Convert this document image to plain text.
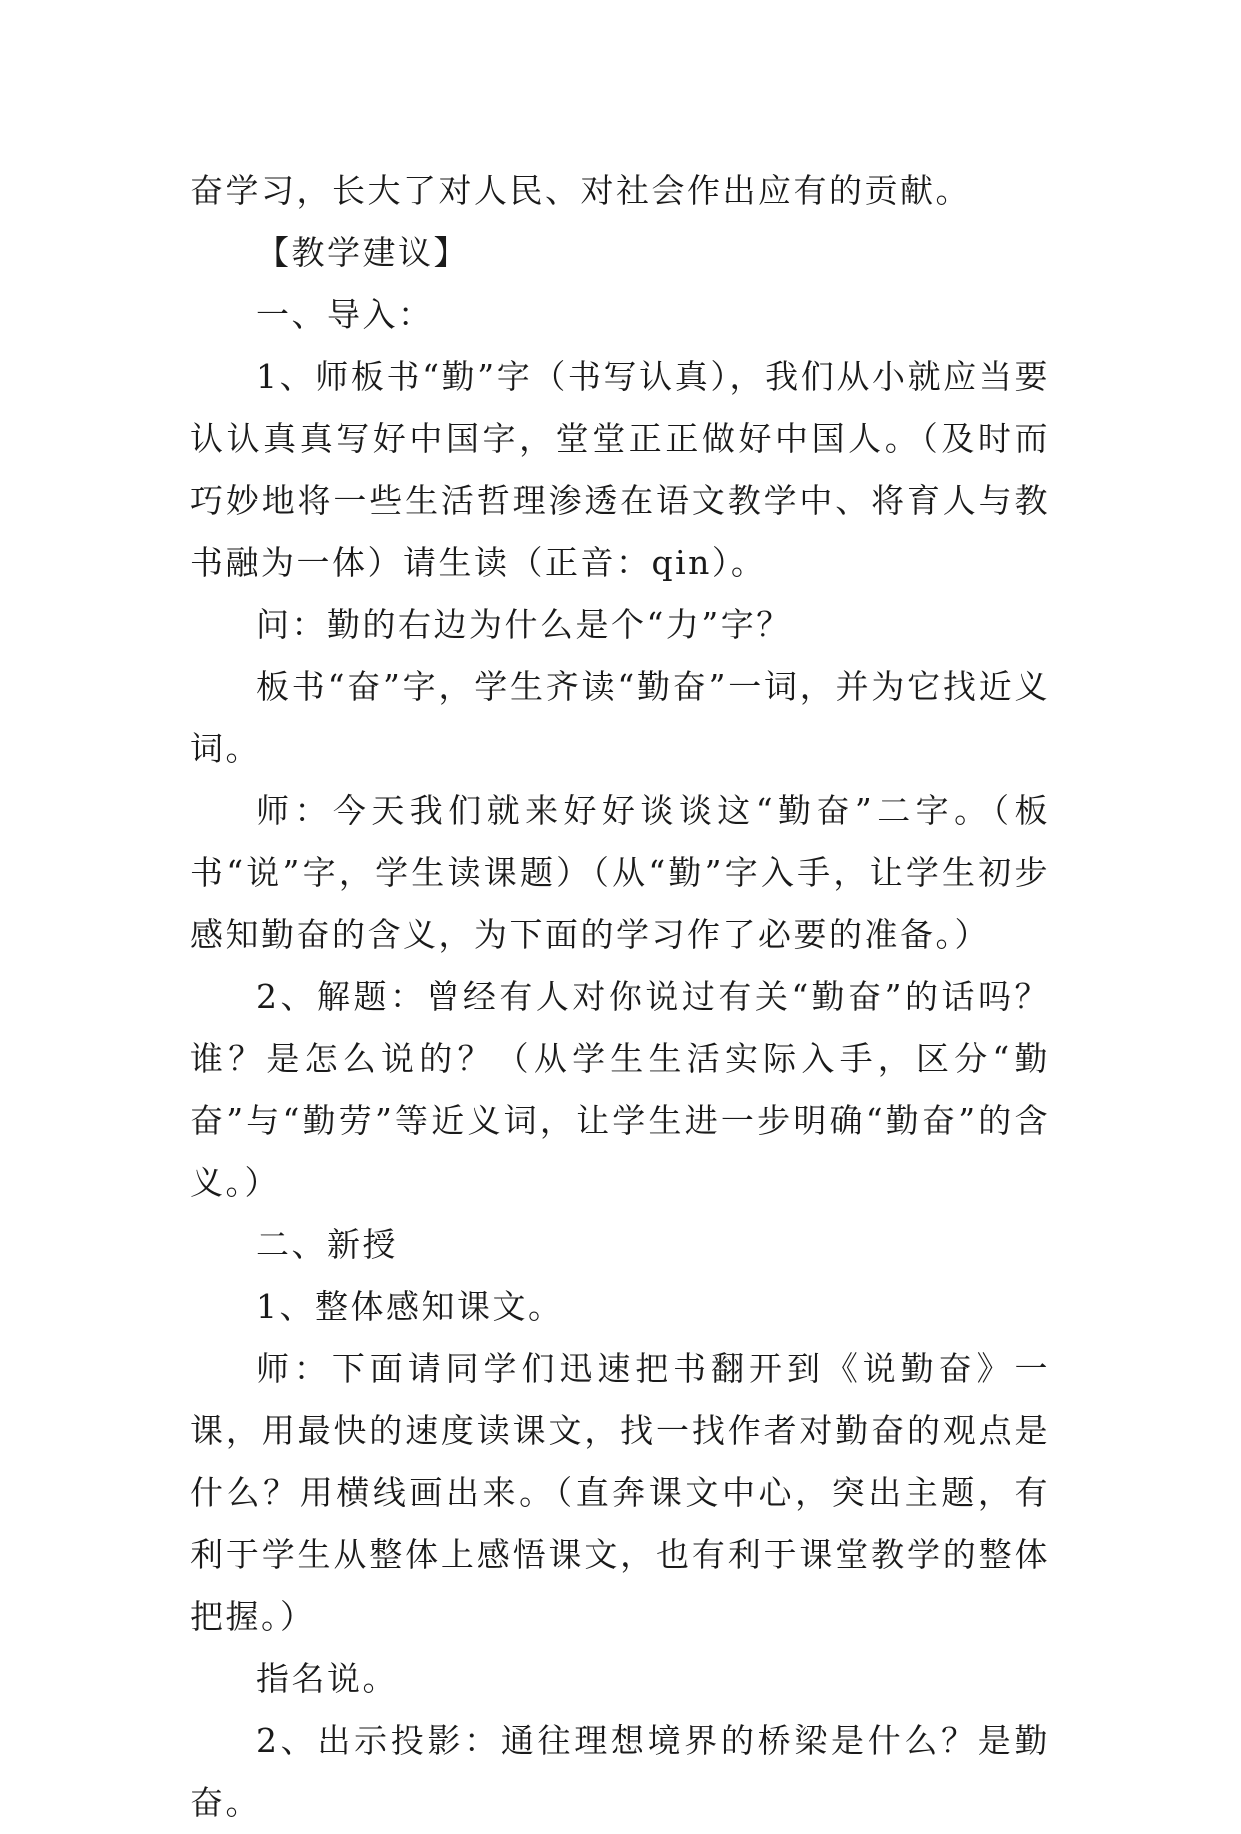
奋学习，长大了对人民、对社会作出应有的贡献。

【教学建议】

一、导入：

1、师板书“勤”字（书写认真），我们从小就应当要认认真真写好中国字，堂堂正正做好中国人。（及时而巧妙地将一些生活哲理渗透在语文教学中、将育人与教书融为一体）请生读（正音：qin）。

问：勤的右边为什么是个“力”字？

板书“奋”字，学生齐读“勤奋”一词，并为它找近义词。

师：今天我们就来好好谈谈这“勤奋”二字。（板书“说”字，学生读课题）（从“勤”字入手，让学生初步感知勤奋的含义，为下面的学习作了必要的准备。）

2、解题：曾经有人对你说过有关“勤奋”的话吗？谁？是怎么说的？（从学生生活实际入手，区分“勤奋”与“勤劳”等近义词，让学生进一步明确“勤奋”的含义。）

二、新授

1、整体感知课文。

师：下面请同学们迅速把书翻开到《说勤奋》一课，用最快的速度读课文，找一找作者对勤奋的观点是什么？用横线画出来。（直奔课文中心，突出主题，有利于学生从整体上感悟课文，也有利于课堂教学的整体把握。）

指名说。

2、出示投影：通往理想境界的桥梁是什么？是勤奋。
